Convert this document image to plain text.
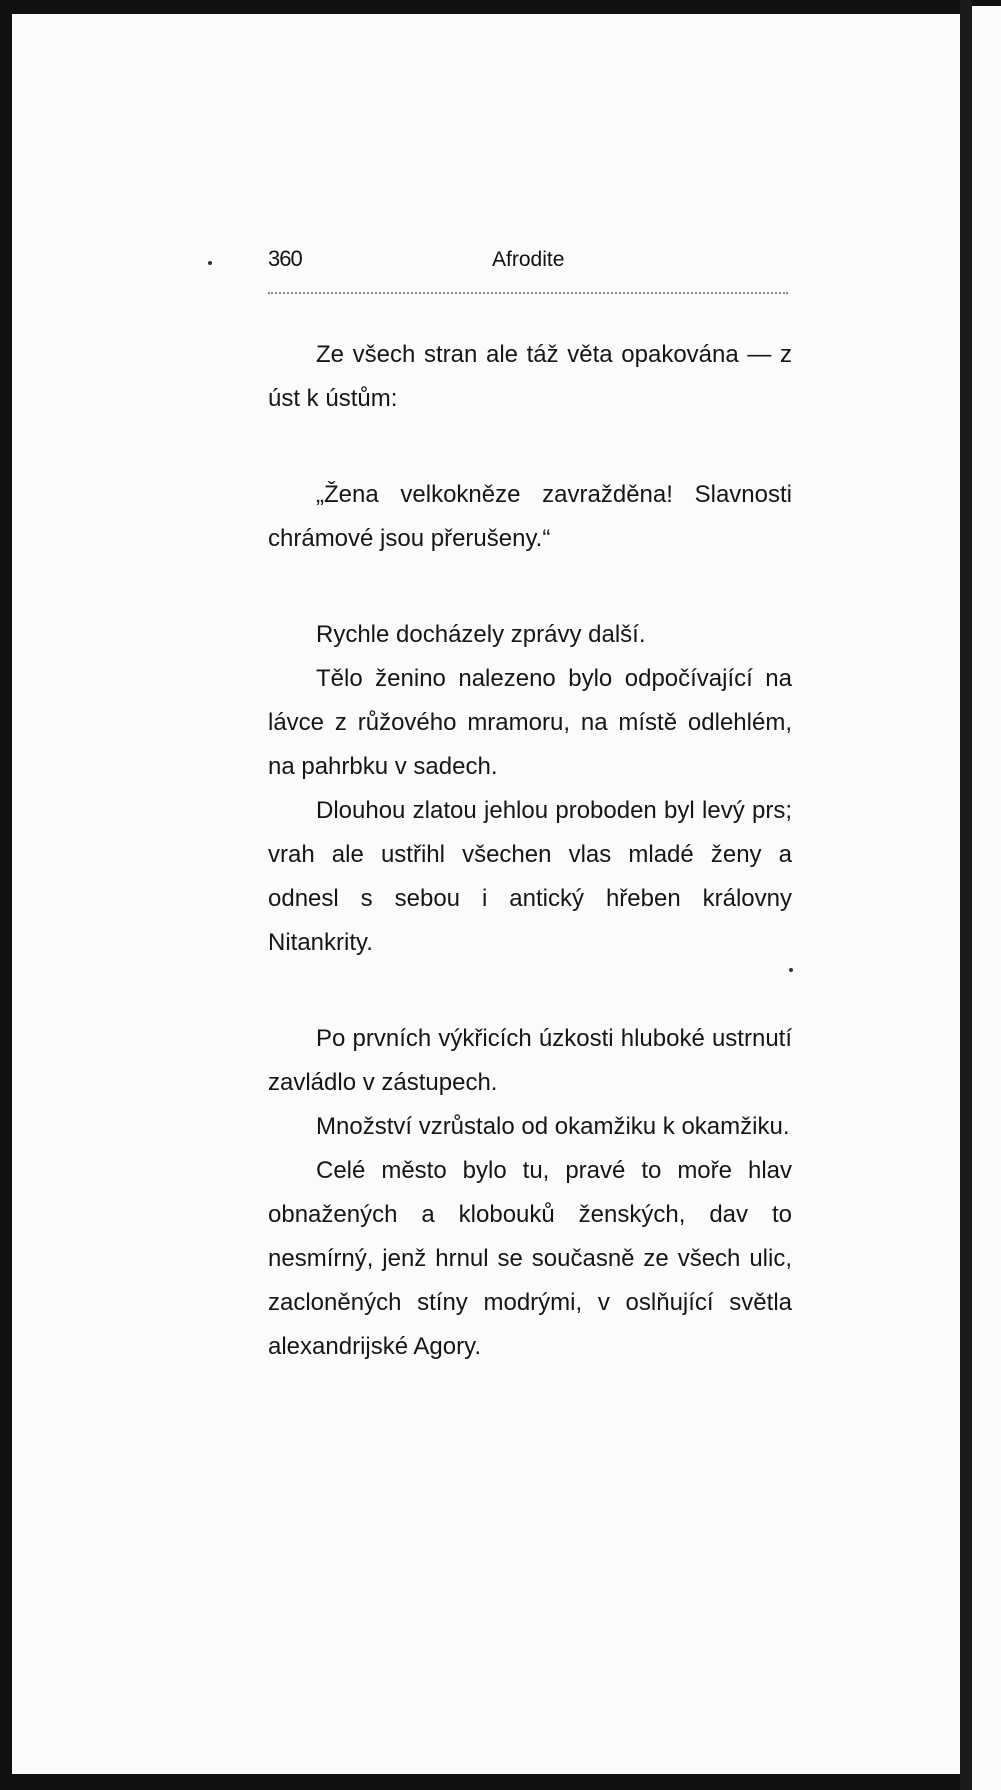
360	Afrodite

Ze všech stran ale táž věta opakována — z úst k ústům:

„Žena velkokněze zavražděna! Slavnosti chrámové jsou přerušeny.“

Rychle docházely zprávy další.

Tělo ženino nalezeno bylo odpočívající na lávce z růžového mramoru, na místě odlehlém, na pahrbku v sadech.

Dlouhou zlatou jehlou proboden byl levý prs; vrah ale ustřihl všechen vlas mladé ženy a odnesl s sebou i antický hřeben královny Nitankrity.

Po prvních výkřicích úzkosti hluboké ustrnutí zavládlo v zástupech.

Množství vzrůstalo od okamžiku k okamžiku.

Celé město bylo tu, pravé to moře hlav obnažených a klobouků ženských, dav to nesmírný, jenž hrnul se současně ze všech ulic, zacloněných stíny modrými, v oslňující světla alexandrijské Agory.
